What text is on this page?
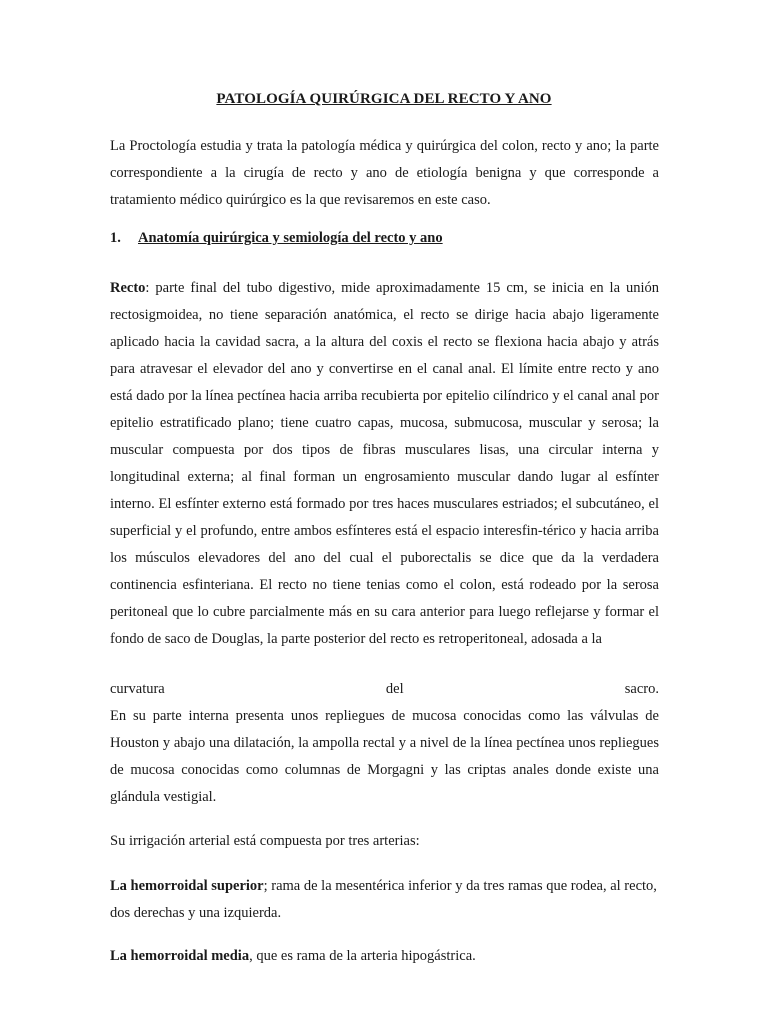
PATOLOGÍA QUIRÚRGICA DEL RECTO Y ANO

La Proctología estudia y trata la patología médica y quirúrgica del colon, recto y ano; la parte correspondiente a la cirugía de recto y ano de etiología benigna y que corresponde a tratamiento médico quirúrgico es la que revisaremos en este caso.

1. Anatomía quirúrgica y semiología del recto y ano

Recto: parte final del tubo digestivo, mide aproximadamente 15 cm, se inicia en la unión rectosigmoidea, no tiene separación anatómica, el recto se dirige hacia abajo ligeramente aplicado hacia la cavidad sacra, a la altura del coxis el recto se flexiona hacia abajo y atrás para atravesar el elevador del ano y convertirse en el canal anal. El límite entre recto y ano está dado por la línea pectínea hacia arriba recubierta por epitelio cilíndrico y el canal anal por epitelio estratificado plano; tiene cuatro capas, mucosa, submucosa, muscular y serosa; la muscular compuesta por dos tipos de fibras musculares lisas, una circular interna y longitudinal externa; al final forman un engrosamiento muscular dando lugar al esfínter interno. El esfínter externo está formado por tres haces musculares estriados; el subcutáneo, el superficial y el profundo, entre ambos esfínteres está el espacio interesfin-térico y hacia arriba los músculos elevadores del ano del cual el puborectalis se dice que da la verdadera continencia esfinteriana. El recto no tiene tenias como el colon, está rodeado por la serosa peritoneal que lo cubre parcialmente más en su cara anterior para luego reflejarse y formar el fondo de saco de Douglas, la parte posterior del recto es retroperitoneal, adosada a la

curvatura	del	sacro.

En su parte interna presenta unos repliegues de mucosa conocidas como las válvulas de Houston y abajo una dilatación, la ampolla rectal y a nivel de la línea pectínea unos repliegues de mucosa conocidas como columnas de Morgagni y las criptas anales donde existe una glándula vestigial.

Su irrigación arterial está compuesta por tres arterias:

La hemorroidal superior; rama de la mesentérica inferior y da tres ramas que rodea, al recto, dos derechas y una izquierda.

La hemorroidal media, que es rama de la arteria hipogástrica.
